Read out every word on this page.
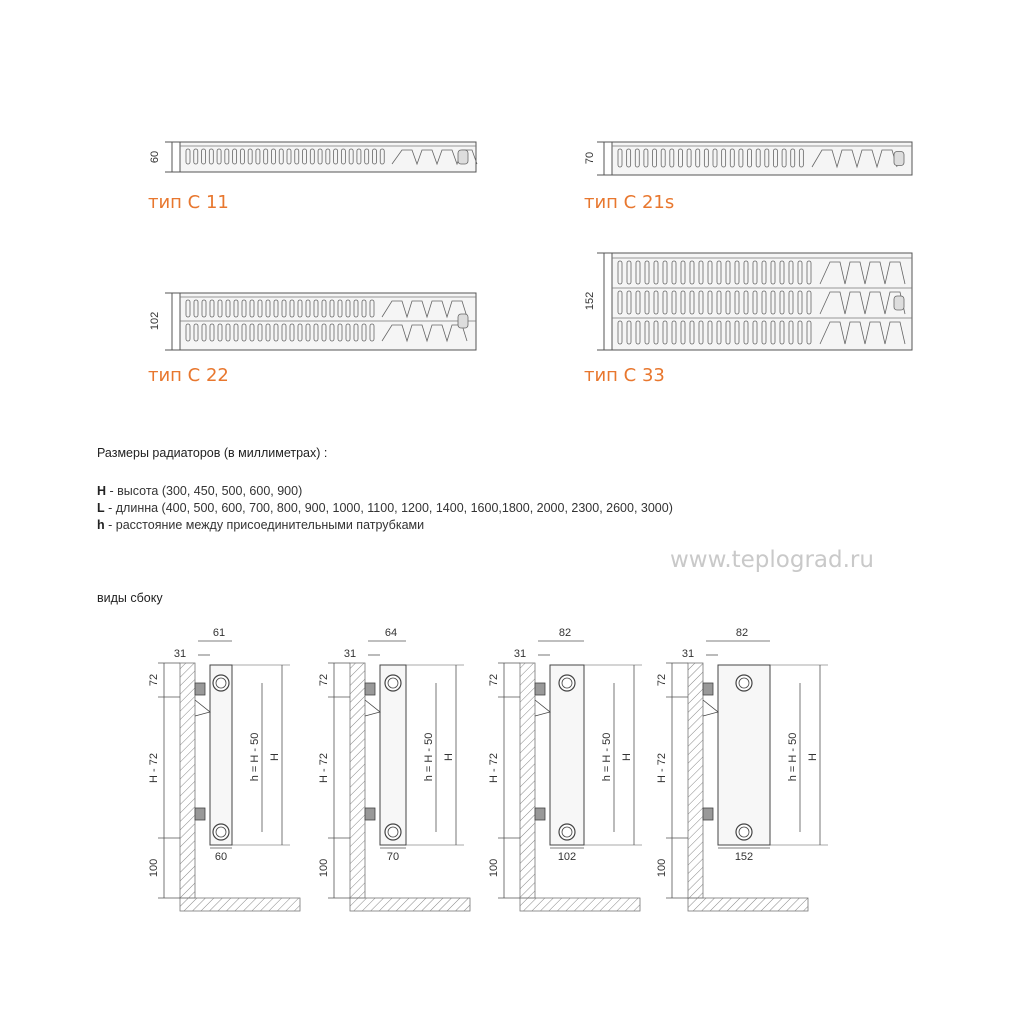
60	70
102
152
72
H - 72
100
61
31
60
h = H - 50 H
72
H - 72
100
64
31
70
h = H - 50 H
72
H - 72
100
82
31
102
h = H - 50 H
72
H - 72
100
82
31
152
h = H - 50 H
тип С 11	тип С 21s
тип С 22	тип С 33
Размеры радиаторов (в миллиметрах) :
H - высота (300, 450, 500, 600, 900)
L - длинна (400, 500, 600, 700, 800, 900, 1000, 1100, 1200, 1400, 1600,1800, 2000, 2300, 2600, 3000)
h - расстояние между присоединительными патрубками
www.teplograd.ru
виды сбоку
